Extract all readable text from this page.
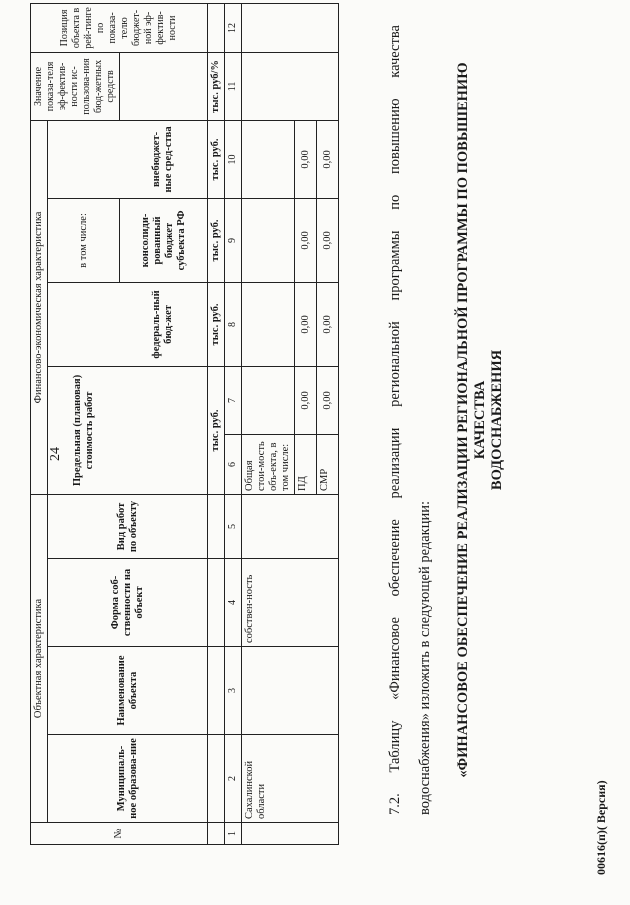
24
№	Объектная характеристика				Финансово-экономическая характеристика					Значение показа-теля эф-фектив-ности ис-пользова-ния бюд-жетных средств	Позиция объекта в рей-тинге по показа-телю бюджет-ной эф-фектив-ности
	Муниципаль-ное образова-ние	Наименование объекта	Форма соб-ственности на объект	Вид работ по объекту	Предельная (плановая) стоимость работ			в том числе:			
							федераль-ный бюд-жет	консолиди-рованный бюджет субъекта РФ	внебюджет-ные сред-ства		
					тыс. руб.		тыс. руб.	тыс. руб.	тыс. руб.	тыс. руб/%	
1	2	3	4	5	6	7	8	9	10	11	12
	Сахалинской области		собствен-ность		Общая стои-мость объ-екта, в том числе:						
					ПД	0,00	0,00	0,00	0,00		
					СМР	0,00	0,00	0,00	0,00		
7.2.
Таблицу
«Финансовое
обеспечение
реализации
региональной
программы
по
повышению
качества
водоснабжения» изложить в следующей редакции:	«ФИНАНСОВОЕ ОБЕСПЕЧЕНИЕ РЕАЛИЗАЦИИ РЕГИОНАЛЬНОЙ ПРОГРАММЫ ПО ПОВЫШЕНИЮ КАЧЕСТВА ВОДОСНАБЖЕНИЯ
00616(п)( Версия)
